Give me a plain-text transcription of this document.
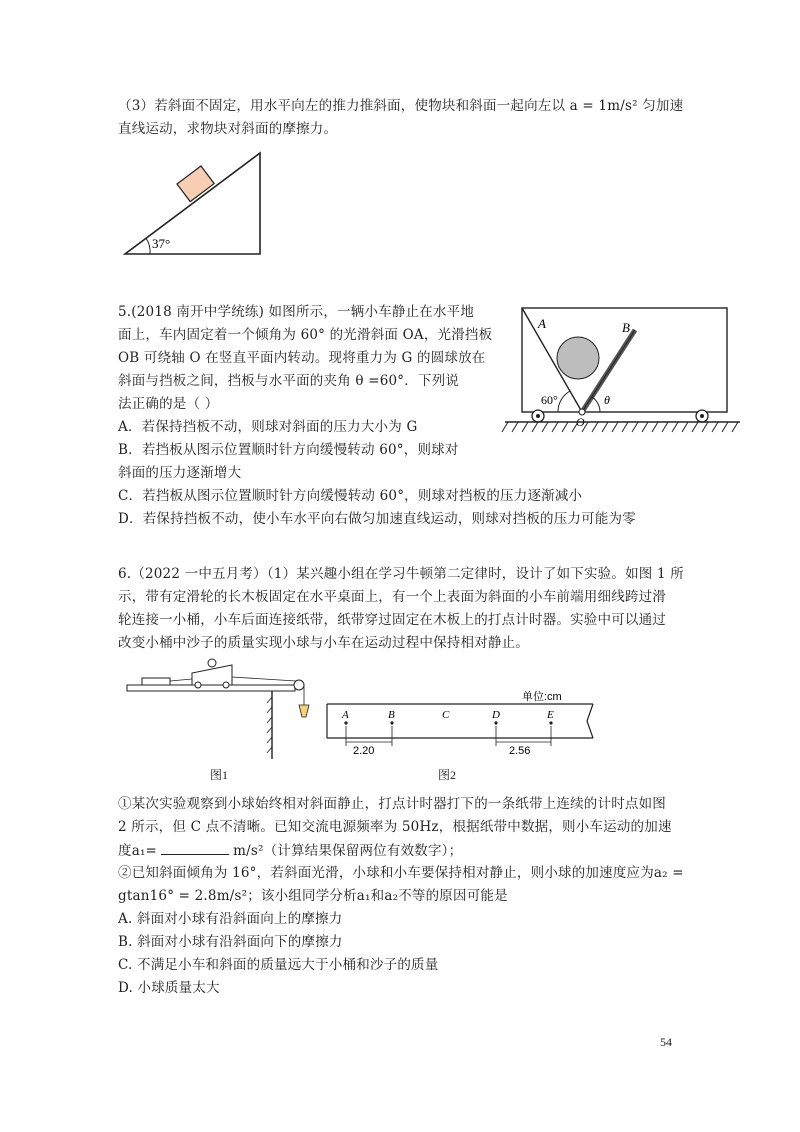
（3）若斜面不固定，用水平向左的推力推斜面，使物块和斜面一起向左以 a = 1m/s² 匀加速
直线运动，求物块对斜面的摩擦力。
37°
5.(2018 南开中学统练) 如图所示，一辆小车静止在水平地
面上，车内固定着一个倾角为 60° 的光滑斜面 OA，光滑挡板
OB 可绕轴 O 在竖直平面内转动。现将重力为 G 的圆球放在
斜面与挡板之间，挡板与水平面的夹角 θ =60°．下列说
法正确的是（ ）
A．若保持挡板不动，则球对斜面的压力大小为 G
B．若挡板从图示位置顺时针方向缓慢转动 60°，则球对
斜面的压力逐渐增大
C．若挡板从图示位置顺时针方向缓慢转动 60°，则球对挡板的压力逐渐减小
D．若保持挡板不动，使小车水平向右做匀加速直线运动，则球对挡板的压力可能为零
A	B
θ
60°
O
6.（2022 一中五月考）（1）某兴趣小组在学习牛顿第二定律时，设计了如下实验。如图 1 所
示，带有定滑轮的长木板固定在水平桌面上，有一个上表面为斜面的小车前端用细线跨过滑
轮连接一小桶，小车后面连接纸带，纸带穿过固定在木板上的打点计时器。实验中可以通过
改变小桶中沙子的质量实现小球与小车在运动过程中保持相对静止。
图1
单位:cm
A	B	C	D	E
2.20	2.56
图2
①某次实验观察到小球始终相对斜面静止，打点计时器打下的一条纸带上连续的计时点如图
2 所示，但 C 点不清晰。已知交流电源频率为 50Hz，根据纸带中数据，则小车运动的加速
度a₁=	m/s²（计算结果保留两位有效数字）；
②已知斜面倾角为 16°，若斜面光滑，小球和小车要保持相对静止，则小球的加速度应为a₂ =
gtan16° = 2.8m/s²；该小组同学分析a₁和a₂不等的原因可能是
A. 斜面对小球有沿斜面向上的摩擦力
B. 斜面对小球有沿斜面向下的摩擦力
C. 不满足小车和斜面的质量远大于小桶和沙子的质量
D. 小球质量太大
54
